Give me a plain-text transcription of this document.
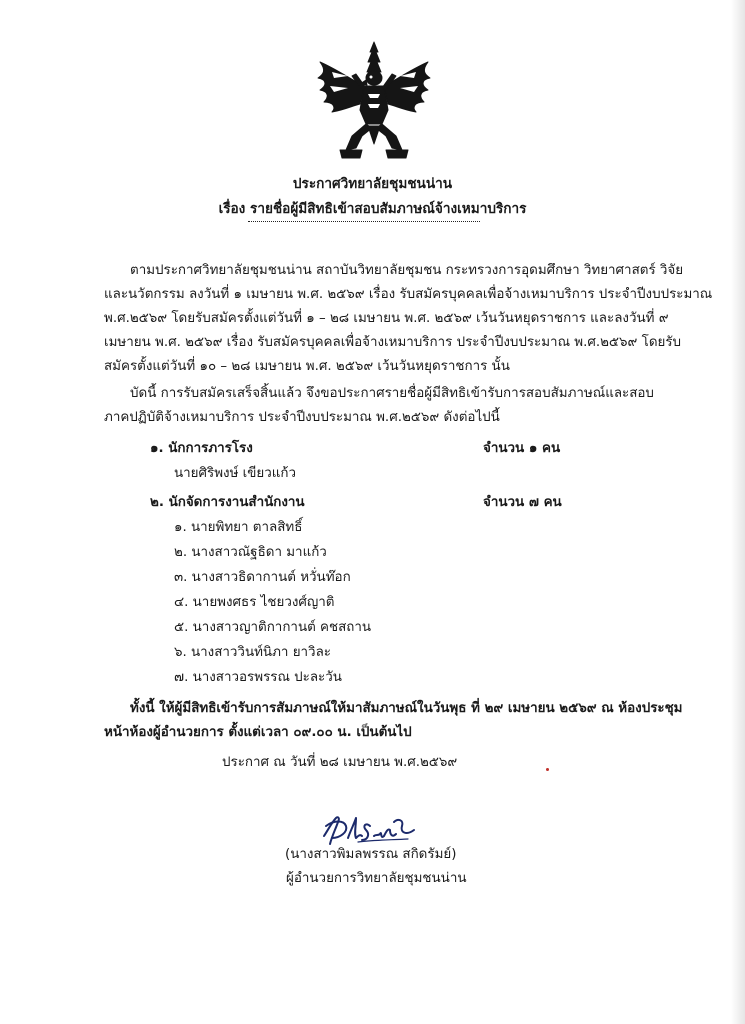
ประกาศวิทยาลัยชุมชนน่าน
เรื่อง รายชื่อผู้มีสิทธิเข้าสอบสัมภาษณ์จ้างเหมาบริการ
ตามประกาศวิทยาลัยชุมชนน่าน สถาบันวิทยาลัยชุมชน กระทรวงการอุดมศึกษา วิทยาศาสตร์ วิจัย
และนวัตกรรม ลงวันที่ ๑ เมษายน พ.ศ. ๒๕๖๙ เรื่อง รับสมัครบุคคลเพื่อจ้างเหมาบริการ ประจำปีงบประมาณ
พ.ศ.๒๕๖๙ โดยรับสมัครตั้งแต่วันที่ ๑ – ๒๘ เมษายน พ.ศ. ๒๕๖๙ เว้นวันหยุดราชการ และลงวันที่ ๙
เมษายน พ.ศ. ๒๕๖๙ เรื่อง รับสมัครบุคคลเพื่อจ้างเหมาบริการ ประจำปีงบประมาณ พ.ศ.๒๕๖๙ โดยรับ
สมัครตั้งแต่วันที่ ๑๐ – ๒๘ เมษายน พ.ศ. ๒๕๖๙ เว้นวันหยุดราชการ นั้น
บัดนี้ การรับสมัครเสร็จสิ้นแล้ว จึงขอประกาศรายชื่อผู้มีสิทธิเข้ารับการสอบสัมภาษณ์และสอบ
ภาคปฏิบัติจ้างเหมาบริการ ประจำปีงบประมาณ พ.ศ.๒๕๖๙ ดังต่อไปนี้
๑. นักการภารโรง	จำนวน ๑ คน
นายศิริพงษ์ เขียวแก้ว
๒. นักจัดการงานสำนักงาน	จำนวน ๗ คน
๑. นายพิทยา ตาลสิทธิ์
๒. นางสาวณัฐธิดา มาแก้ว
๓. นางสาวธิดากานต์ หวั่นท๊อก
๔. นายพงศธร ไชยวงศ์ญาติ
๕. นางสาวญาติกากานต์ คชสถาน
๖. นางสาววินท์นิภา ยาวิละ
๗. นางสาวอรพรรณ ปะละวัน
ทั้งนี้ ให้ผู้มีสิทธิเข้ารับการสัมภาษณ์ให้มาสัมภาษณ์ในวันพุธ ที่ ๒๙ เมษายน ๒๕๖๙ ณ ห้องประชุม
หน้าห้องผู้อำนวยการ ตั้งแต่เวลา ๐๙.๐๐ น. เป็นต้นไป
ประกาศ ณ วันที่ ๒๘ เมษายน พ.ศ.๒๕๖๙
(นางสาวพิมลพรรณ สกิดรัมย์)
ผู้อำนวยการวิทยาลัยชุมชนน่าน
